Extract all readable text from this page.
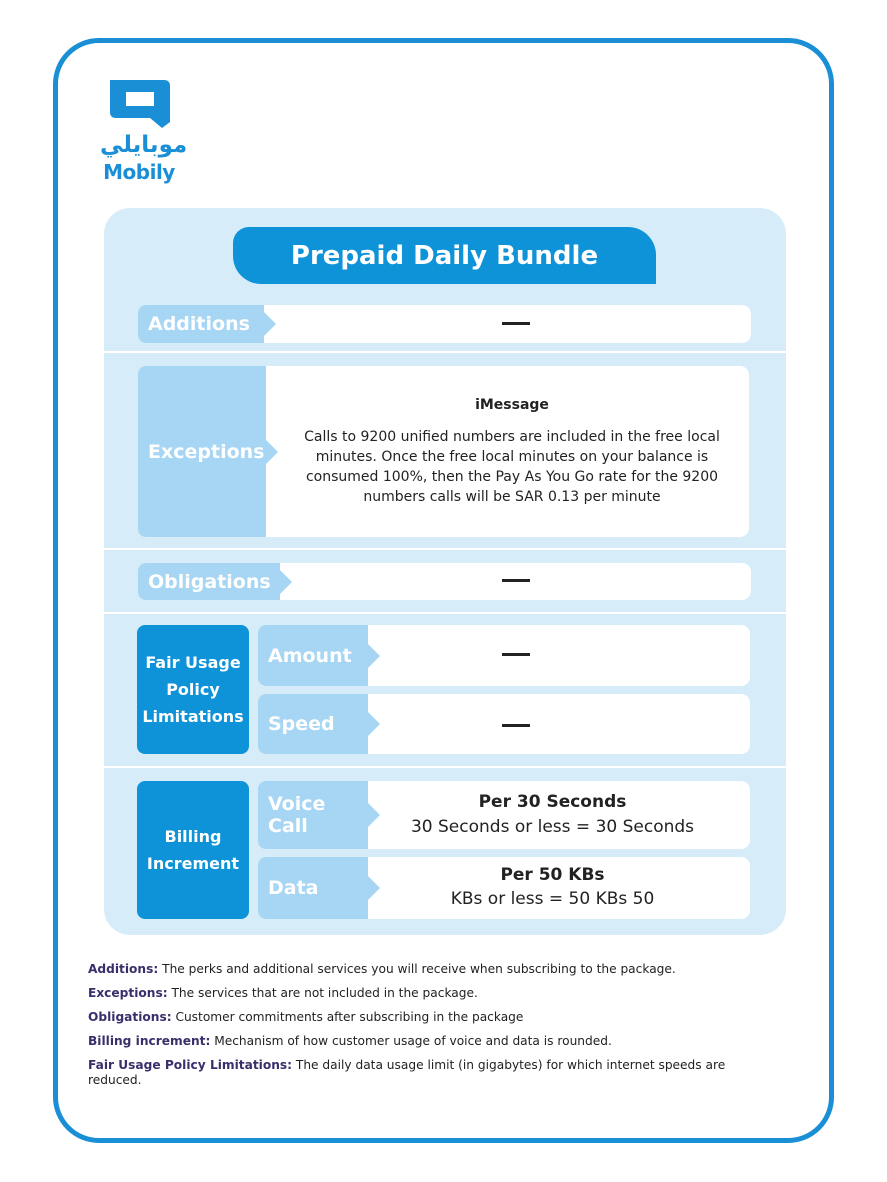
موبايلي
Mobily
Prepaid Daily Bundle
Additions
Exceptions
iMessage
Calls to 9200 unified numbers are included in the free local minutes. Once the free local minutes on your balance is consumed 100%, then the Pay As You Go rate for the 9200 numbers calls will be SAR 0.13 per minute
Obligations
Fair Usage
Policy
Limitations
Amount
Speed
Billing
Increment
Voice Call
Per 30 Seconds
30 Seconds or less = 30 Seconds
Data
Per 50 KBs
KBs or less = 50 KBs 50

Additions: The perks and additional services you will receive when subscribing to the package.

Exceptions: The services that are not included in the package.

Obligations: Customer commitments after subscribing in the package

Billing increment: Mechanism of how customer usage of voice and data is rounded.

Fair Usage Policy Limitations: The daily data usage limit (in gigabytes) for which internet speeds are reduced.
